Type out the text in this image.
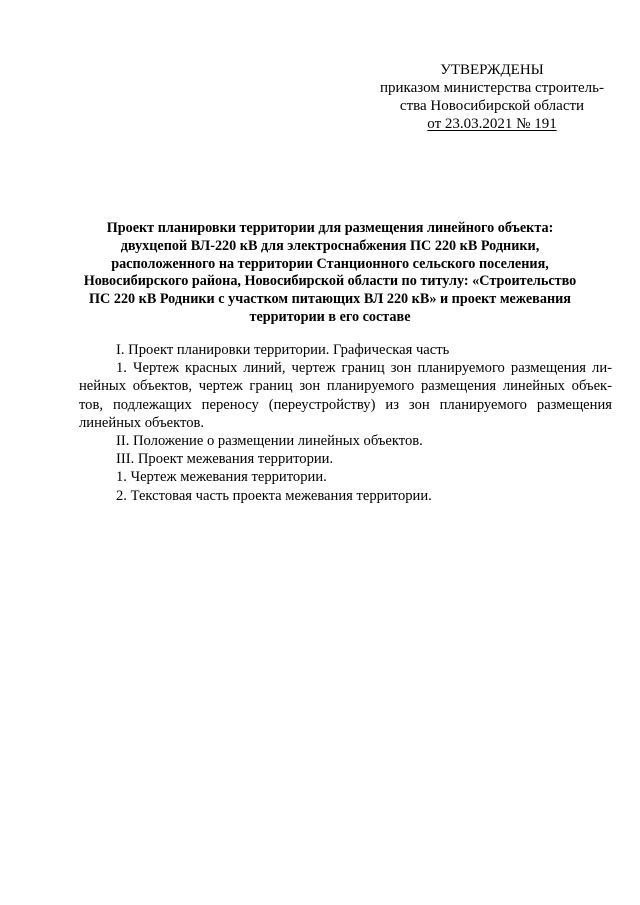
УТВЕРЖДЕНЫ
приказом министерства строитель-
ства Новосибирской области
от 23.03.2021 № 191
Проект планировки территории для размещения линейного объекта:
двухцепой ВЛ-220 кВ для электроснабжения ПС 220 кВ Родники,
расположенного на территории Станционного сельского поселения,
Новосибирского района, Новосибирской области по титулу: «Строительство
ПС 220 кВ Родники с участком питающих ВЛ 220 кВ» и проект межевания
территории в его составе

I. Проект планировки территории. Графическая часть

1. Чертеж красных линий, чертеж границ зон планируемого размещения ли-
нейных объектов, чертеж границ зон планируемого размещения линейных объек-
тов, подлежащих переносу (переустройству) из зон планируемого размещения
линейных объектов.

II. Положение о размещении линейных объектов.

III. Проект межевания территории.

1. Чертеж межевания территории.

2. Текстовая часть проекта межевания территории.
